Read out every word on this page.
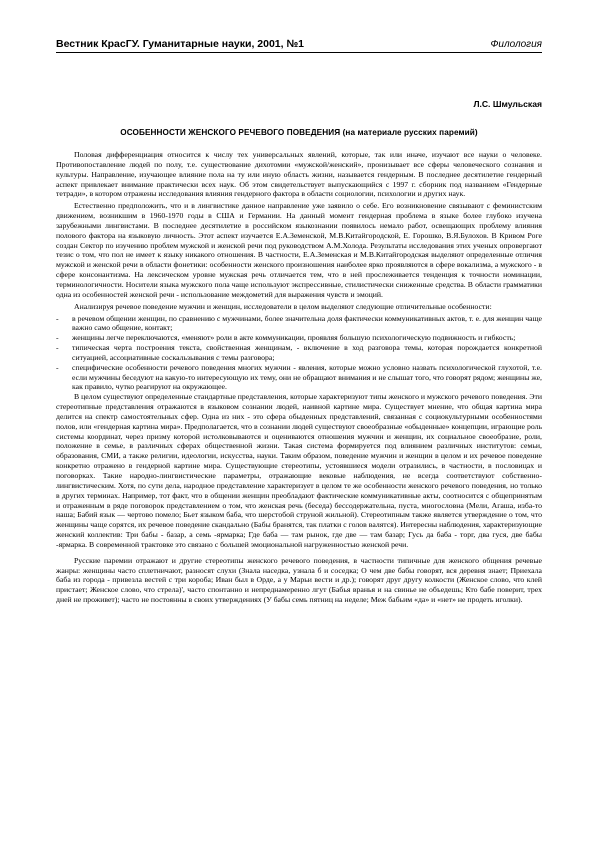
Вестник КрасГУ. Гуманитарные науки, 2001, №1	Филология
Л.С. Шмульская
ОСОБЕННОСТИ ЖЕНСКОГО РЕЧЕВОГО ПОВЕДЕНИЯ (на материале русских паремий)

Половая дифференциация относится к числу тех универсальных явлений, которые, так или иначе, изучают все науки о человеке. Противопоставление людей по полу, т.е. существование дихотомии «мужской/женский», пронизывает все сферы человеческого сознания и культуры. Направление, изучающее влияние пола на ту или иную область жизни, называется гендерным. В последнее десятилетие гендерный аспект привлекает внимание практически всех наук. Об этом свидетельствует выпускающийся с 1997 г. сборник под названием «Гендерные тетради», в котором отражены исследования влияния гендерного фактора в области социологии, психологии и других наук.

Естественно предположить, что и в лингвистике данное направление уже заявило о себе. Его возникновение связывают с феминистским движением, возникшим в 1960-1970 годы в США и Германии. На данный момент гендерная проблема в языке более глубоко изучена зарубежными лингвистами. В последнее десятилетие в российском языкознании появилось немало работ, освещающих проблему влияния полового фактора на языковую личность. Этот аспект изучается Е.А.Земенской, М.В.Китайгородской, Е. Горошко, В.Я.Булохов. В Кривом Роге создан Сектор по изучению проблем мужской и женской речи под руководством А.М.Холода. Результаты исследования этих ученых опровергают тезис о том, что пол не имеет к языку никакого отношения. В частности, Е.А.Земенская и М.В.Китайгородская выделяют определенные отличия мужской и женской речи в области фонетики: особенности женского произношения наиболее ярко проявляются в сфере вокализма, а мужского - в сфере консонантизма. На лексическом уровне мужская речь отличается тем, что в ней прослеживается тенденция к точности номинации, терминологичности. Носители языка мужского пола чаще используют экспрессивные, стилистически сниженные средства. В области грамматики одна из особенностей женской речи - использование междометий для выражения чувств и эмоций.

Анализируя речевое поведение мужчин и женщин, исследователи в целом выделяют следующие отличительные особенности:

- в речевом общении женщин, по сравнению с мужчинами, более значительна доля фактически коммуникативных актов, т. е. для женщин чаще важно само общение, контакт;
- женщины легче переключаются, «меняют» роли в акте коммуникации, проявляя большую психологическую подвижность и гибкость;
- типическая черта построения текста, свойственная женщинам, - включение в ход разговора темы, которая порождается конкретной ситуацией, ассоциативные соскальзывания с темы разговора;
- специфические особенности речевого поведения многих мужчин - явления, которые можно условно назвать психологической глухотой, т.е. если мужчины беседуют на какую-то интересующую их тему, они не обращают внимания и не слышат того, что говорят рядом; женщины же, как правило, чутко реагируют на окружающее.

В целом существуют определенные стандартные представления, которые характеризуют типы женского и мужского речевого поведения. Эти стереотипные представления отражаются в языковом сознании людей, наивной картине мира. Существует мнение, что общая картина мира делится на спектр самостоятельных сфер. Одна из них - это сфера обыденных представлений, связанная с социокультурными особенностями полов, или «гендерная картина мира». Предполагается, что в сознании людей существуют своеобразные «обыденные» концепции, играющие роль системы координат, через призму которой истолковываются и оцениваются отношения мужчин и женщин, их социальное своеобразие, роли, положение в семье, в различных сферах общественной жизни. Такая система формируется под влиянием различных институтов: семьи, образования, СМИ, а также религии, идеологии, искусства, науки. Таким образом, поведение мужчин и женщин в целом и их речевое поведение конкретно отражено в гендерной картине мира. Существующие стереотипы, устоявшиеся модели отразились, в частности, в пословицах и поговорках. Такие народно-лингвистические параметры, отражающие вековые наблюдения, не всегда соответствуют собственно-лингвистическим. Хотя, по сути дела, народное представление характеризует в целом те же особенности женского речевого поведения, но только в других терминах. Например, тот факт, что в общении женщин преобладают фактические коммуникативные акты, соотносится с общепринятым и отраженным в ряде поговорок представлением о том, что женская речь (беседа) бессодержательна, пуста, многословна (Мели, Агаша, изба-то наша; Бабий язык — чертово помело; Бьет языком баба, что шерстобой струной жильной). Стереотипным также является утверждение о том, что женщины чаще сорятся, их речевое поведение скандально (Бабы бранятся, так платки с голов валятся). Интересны наблюдения, характеризующие женский коллектив: Три бабы - базар, а семь -ярмарка; Где баба — там рынок, где две — там базар; Гусь да баба - торг, два гуся, две бабы -ярмарка. В современной трактовке это связано с большей эмоциональной нагруженностью женской речи.

Русские паремии отражают и другие стереотипы женского речевого поведения, в частности типичные для женского общения речевые жанры: женщины часто сплетничают, разносят слухи (Знала наседка, узнала б и соседка; О чем две бабы говорят, вся деревня знает; Приехала баба из города - привезла вестей с три короба; Иван был в Орде, а у Марьи вести и др.); говорят друг другу колкости (Женское слово, что клей пристает; Женское слово, что стрела)', часто спонтанно и непреднамеренно лгут (Бабья вранья и на свинье не объедешь; Кто бабе поверит, трех дней не проживет); часто не постоянны в своих утверждениях (У бабы семь пятниц на неделе; Меж бабьим «да» и «нет» не продеть иголки).
